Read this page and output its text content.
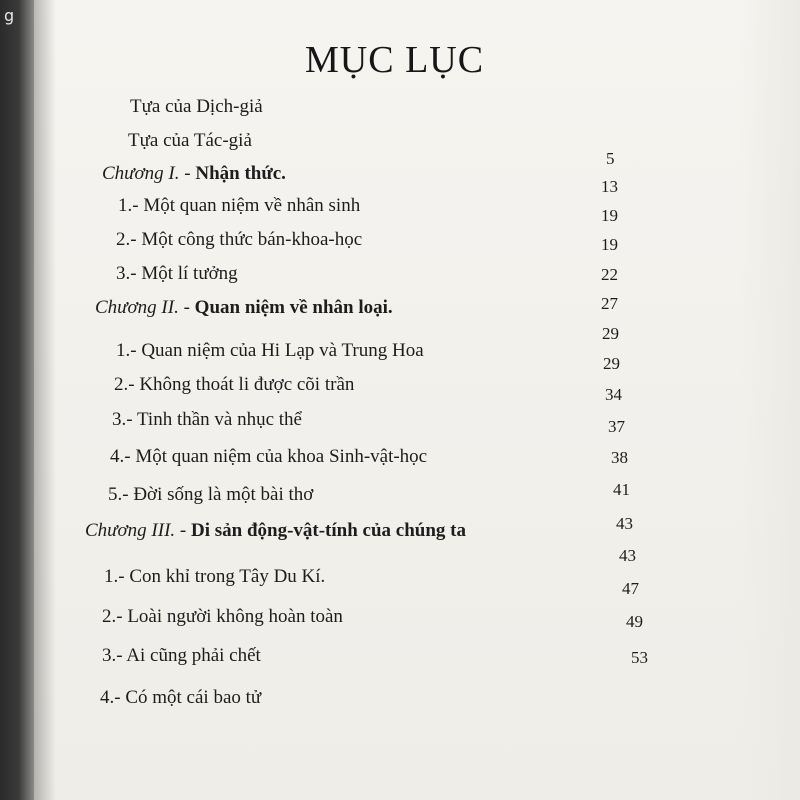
g
MỤC LỤC
Tựa của Dịch-giả
Tựa của Tác-giả
Chương I. - Nhận thức.
1.- Một quan niệm về nhân sinh
2.- Một công thức bán-khoa-học
3.- Một lí tưởng
Chương II. - Quan niệm về nhân loại.
1.- Quan niệm của Hi Lạp và Trung Hoa
2.- Không thoát li được cõi trần
3.- Tinh thần và nhục thể
4.- Một quan niệm của khoa Sinh-vật-học
5.- Đời sống là một bài thơ
Chương III. - Di sản động-vật-tính của chúng ta
1.- Con khỉ trong Tây Du Kí.
2.- Loài người không hoàn toàn
3.- Ai cũng phải chết
4.- Có một cái bao tử
5
13
19
19
22
27
29
29
34
37
38
41
43
43
47
49
53
